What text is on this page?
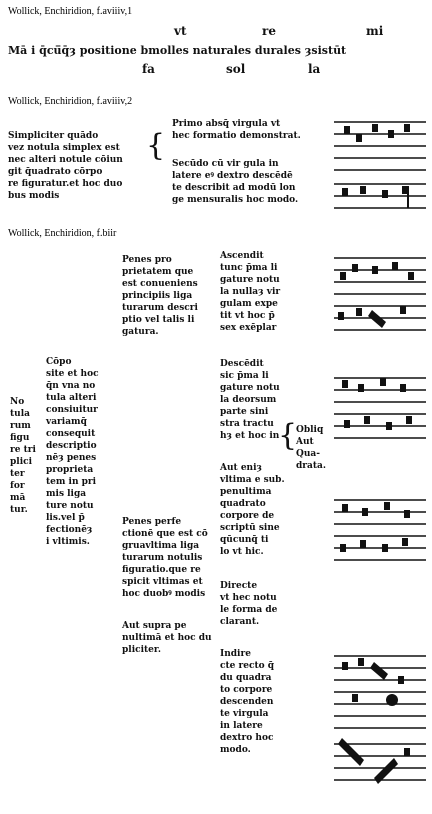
Wollick, Enchiridion, f.aviiiv,1
Wollick, Enchiridion, f.aviiiv,2
Wollick, Enchiridion, f.biir
vt	re	mi
Mā i q̄cū̄q̄ȝ positione bmolles naturales durales ȝsistūt
fa	sol	la
Simpliciter quādo
vez notula simplex est
nec alteri notule cōiun
git q̄uadrato cōrpo
re figuratur.et hoc duo
bus modis
{
Primo absq̄ virgula vt
hec formatio demonstrat.
Secūdo cū vir gula in
latere eꝰ dextro descēdē
te describit ad modū lon
ge mensuralis hoc modo.
Cōpo
site et hoc
q̄n vna no
tula alteri
consiuitur
variamq̄
consequit
descriptio
nēȝ penes
proprieta
tem in pri
mis liga
ture notu
lis.vel p̄
fectionēȝ
i vltimis.
No
tula
rum
figu
re tri
plici
ter
for
mā
tur.
Penes pro
prietatem que
est conueniens
principiis liga
turarum descri
ptio vel talis li
gatura.
Penes perfe
ctionē que est cō
gruavltima liga
turarum notulis
figuratio.que re
spicit vltimas et
hoc duobꝰ modis
Aut supra pe
nultimā et hoc du
pliciter.
Ascendit
tunc p̄ma li
gature notu
la nullaȝ vir
gulam expe
tit vt hoc p̄
sex exēplar
Descēdit
sic p̄ma li
gature notu
la deorsum
parte sini
stra tractu
hȝ et hoc in
Aut eniȝ
vltima e sub.
penultima
quadrato
corpore de
scriptū sine
qūcunq̄ ti
lo vt hic.
Directe
vt hec notu
le forma de
clarant.
Indire
cte recto q̄
du quadra
to corpore
descenden
te virgula
in latere
dextro hoc
modo.
{
Obliq
Aut
Qua-
drata.
